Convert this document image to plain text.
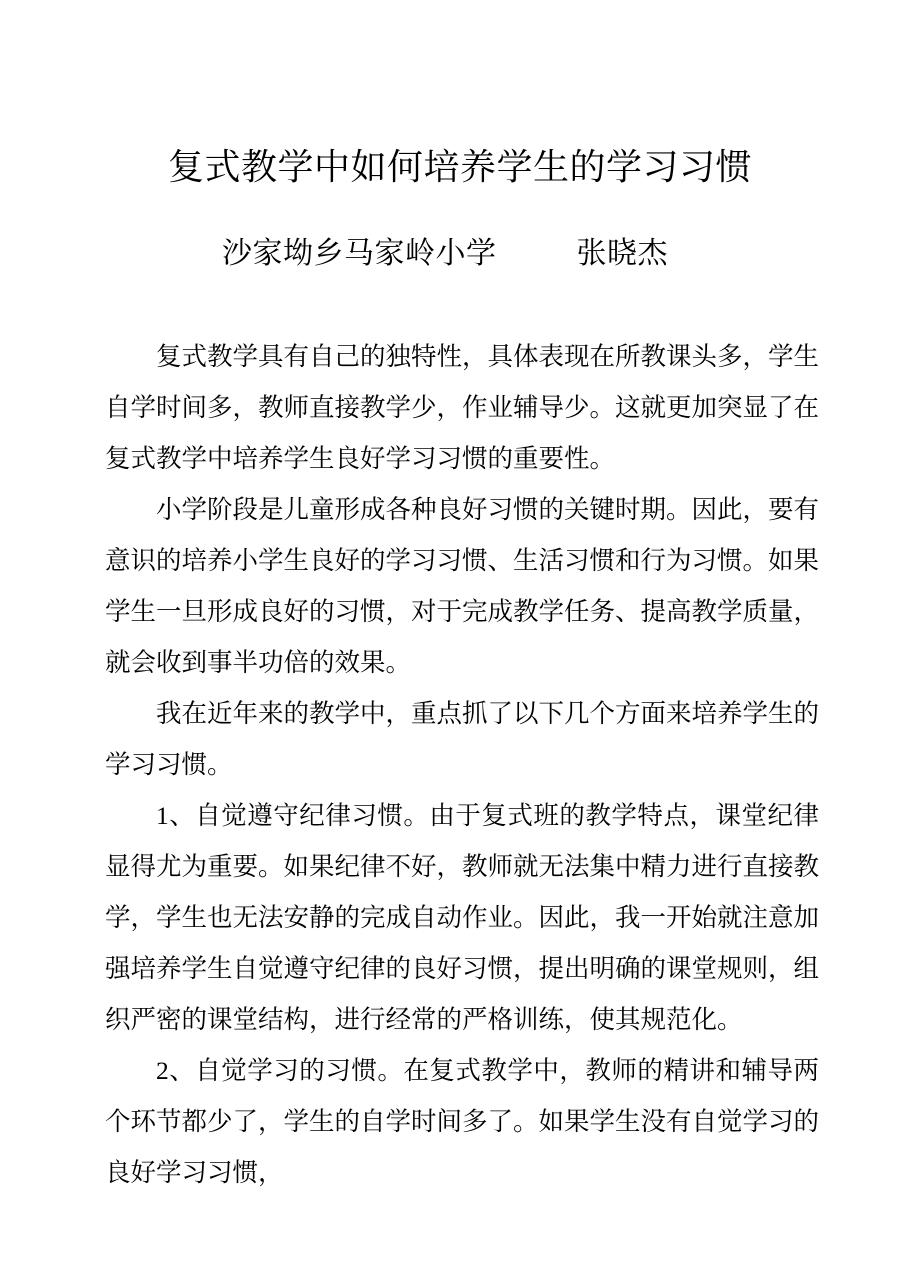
复式教学中如何培养学生的学习习惯
沙家坳乡马家岭小学          张晓杰

复式教学具有自己的独特性，具体表现在所教课头多，学生自学时间多，教师直接教学少，作业辅导少。这就更加突显了在复式教学中培养学生良好学习习惯的重要性。

小学阶段是儿童形成各种良好习惯的关键时期。因此，要有意识的培养小学生良好的学习习惯、生活习惯和行为习惯。如果学生一旦形成良好的习惯，对于完成教学任务、提高教学质量，就会收到事半功倍的效果。

我在近年来的教学中，重点抓了以下几个方面来培养学生的学习习惯。

1、自觉遵守纪律习惯。由于复式班的教学特点，课堂纪律显得尤为重要。如果纪律不好，教师就无法集中精力进行直接教学，学生也无法安静的完成自动作业。因此，我一开始就注意加强培养学生自觉遵守纪律的良好习惯，提出明确的课堂规则，组织严密的课堂结构，进行经常的严格训练，使其规范化。

2、自觉学习的习惯。在复式教学中，教师的精讲和辅导两个环节都少了，学生的自学时间多了。如果学生没有自觉学习的良好学习习惯，
